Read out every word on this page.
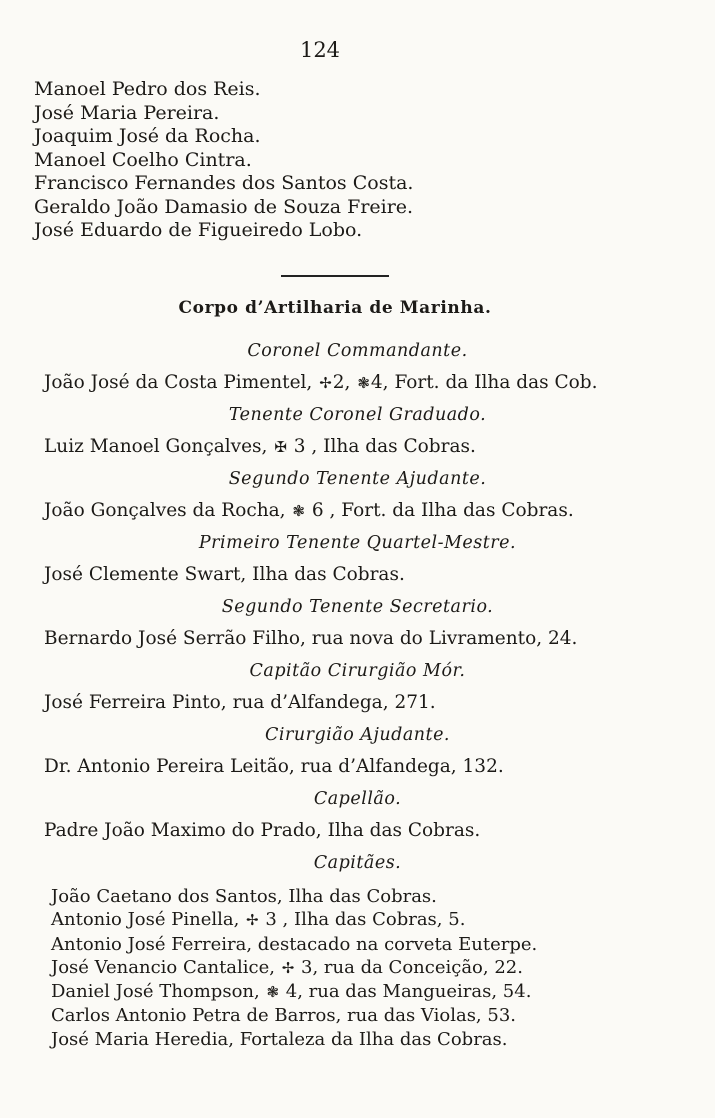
124
Manoel Pedro dos Reis.
José Maria Pereira.
Joaquim José da Rocha.
Manoel Coelho Cintra.
Francisco Fernandes dos Santos Costa.
Geraldo João Damasio de Souza Freire.
José Eduardo de Figueiredo Lobo.
Corpo d’Artilharia de Marinha.
Coronel Commandante.
João José da Costa Pimentel, ✢2, ❃4, Fort. da Ilha das Cob.
Tenente Coronel Graduado.
Luiz Manoel Gonçalves, ✠ 3 , Ilha das Cobras.
Segundo Tenente Ajudante.
João Gonçalves da Rocha, ❃ 6 , Fort. da Ilha das Cobras.
Primeiro Tenente Quartel-Mestre.
José Clemente Swart, Ilha das Cobras.
Segundo Tenente Secretario.
Bernardo José Serrão Filho, rua nova do Livramento, 24.
Capitão Cirurgião Mór.
José Ferreira Pinto, rua d’Alfandega, 271.
Cirurgião Ajudante.
Dr. Antonio Pereira Leitão, rua d’Alfandega, 132.
Capellão.
Padre João Maximo do Prado, Ilha das Cobras.
Capitães.
João Caetano dos Santos, Ilha das Cobras.
Antonio José Pinella, ✢ 3 , Ilha das Cobras, 5.
Antonio José Ferreira, destacado na corveta Euterpe.
José Venancio Cantalice, ✢ 3, rua da Conceição, 22.
Daniel José Thompson, ❃ 4, rua das Mangueiras, 54.
Carlos Antonio Petra de Barros, rua das Violas, 53.
José Maria Heredia, Fortaleza da Ilha das Cobras.
